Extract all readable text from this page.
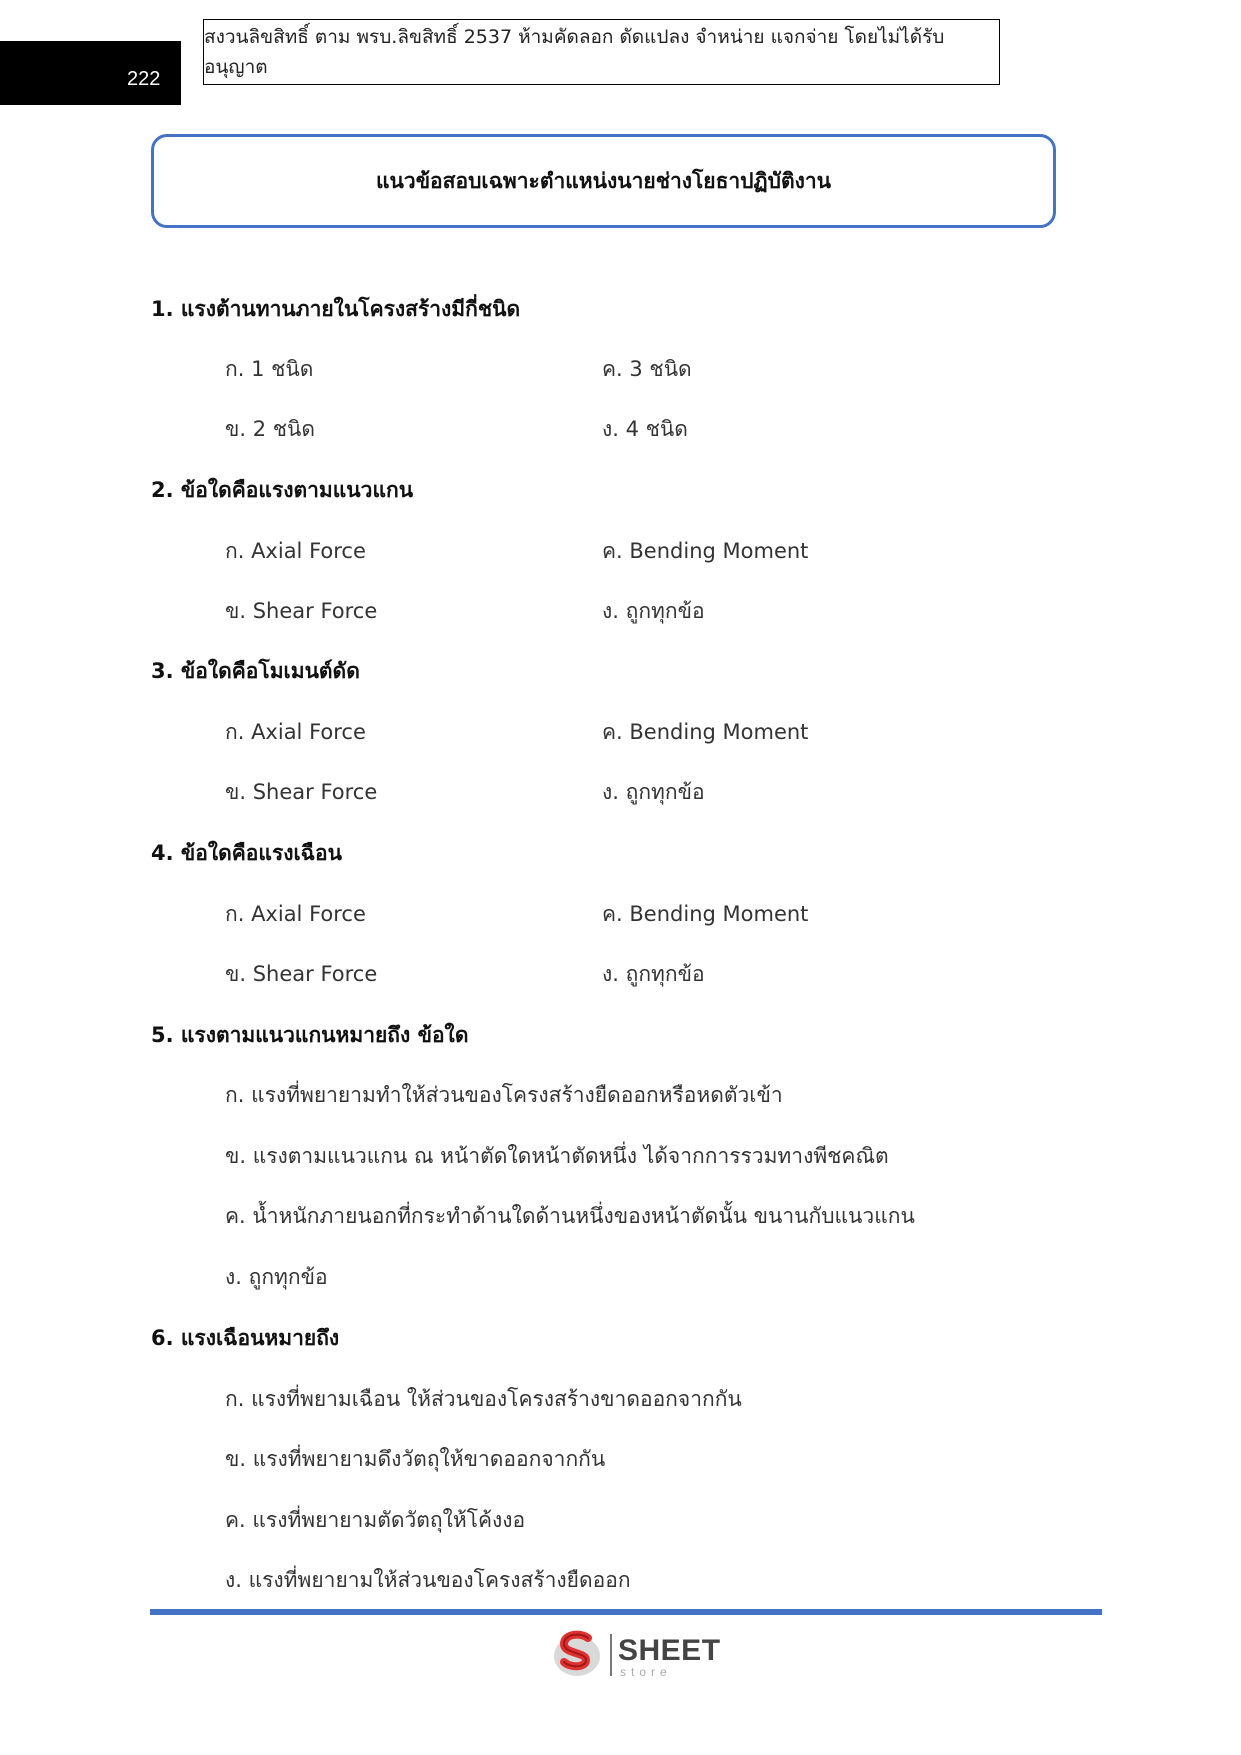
222
สงวนลิขสิทธิ์ ตาม พรบ.ลิขสิทธิ์ 2537 ห้ามคัดลอก ดัดแปลง จำหน่าย แจกจ่าย โดยไม่ได้รับอนุญาต
แนวข้อสอบเฉพาะตำแหน่งนายช่างโยธาปฏิบัติงาน
1. แรงต้านทานภายในโครงสร้างมีกี่ชนิด
ก. 1 ชนิด	ค. 3 ชนิด
ข. 2 ชนิด	ง. 4 ชนิด
2. ข้อใดคือแรงตามแนวแกน
ก. Axial Force	ค. Bending Moment
ข. Shear Force	ง. ถูกทุกข้อ
3. ข้อใดคือโมเมนต์ดัด
ก. Axial Force	ค. Bending Moment
ข. Shear Force	ง. ถูกทุกข้อ
4. ข้อใดคือแรงเฉือน
ก. Axial Force	ค. Bending Moment
ข. Shear Force	ง. ถูกทุกข้อ
5. แรงตามแนวแกนหมายถึง ข้อใด
ก. แรงที่พยายามทำให้ส่วนของโครงสร้างยืดออกหรือหดตัวเข้า
ข. แรงตามแนวแกน ณ หน้าตัดใดหน้าตัดหนึ่ง ได้จากการรวมทางพีชคณิต
ค. น้ำหนักภายนอกที่กระทำด้านใดด้านหนึ่งของหน้าตัดนั้น ขนานกับแนวแกน
ง. ถูกทุกข้อ
6. แรงเฉือนหมายถึง
ก. แรงที่พยามเฉือน ให้ส่วนของโครงสร้างขาดออกจากกัน
ข. แรงที่พยายามดึงวัตถุให้ขาดออกจากกัน
ค. แรงที่พยายามตัดวัตถุให้โค้งงอ
ง. แรงที่พยายามให้ส่วนของโครงสร้างยืดออก
SHEET
store
